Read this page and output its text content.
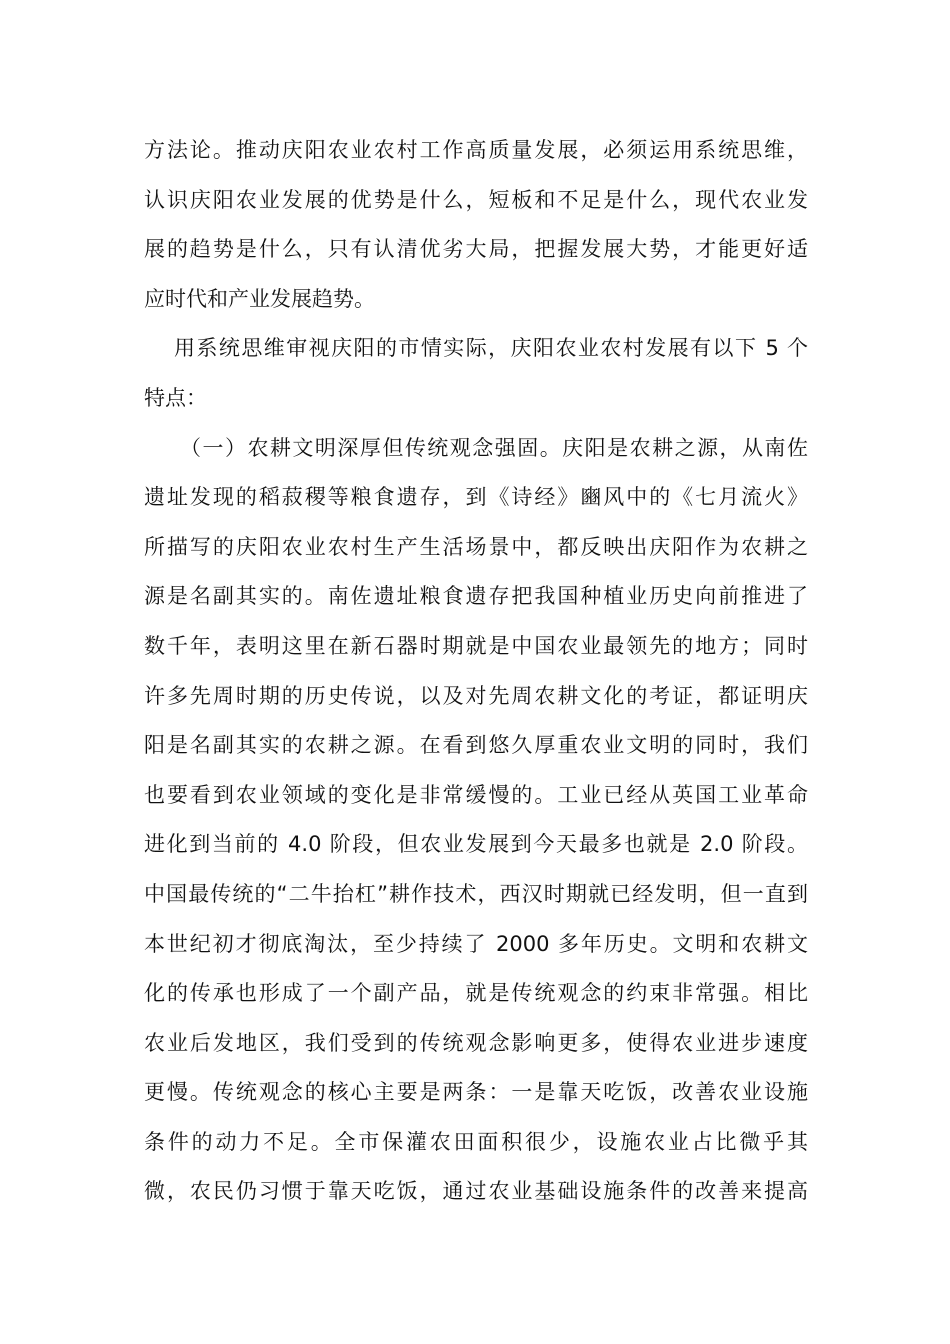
方法论。推动庆阳农业农村工作高质量发展，必须运用系统思维，
认识庆阳农业发展的优势是什么，短板和不足是什么，现代农业发
展的趋势是什么，只有认清优劣大局，把握发展大势，才能更好适
应时代和产业发展趋势。
用系统思维审视庆阳的市情实际，庆阳农业农村发展有以下 5 个
特点：
（一）农耕文明深厚但传统观念强固。庆阳是农耕之源，从南佐
遗址发现的稻菽稷等粮食遗存，到《诗经》豳风中的《七月流火》
所描写的庆阳农业农村生产生活场景中，都反映出庆阳作为农耕之
源是名副其实的。南佐遗址粮食遗存把我国种植业历史向前推进了
数千年，表明这里在新石器时期就是中国农业最领先的地方；同时
许多先周时期的历史传说，以及对先周农耕文化的考证，都证明庆
阳是名副其实的农耕之源。在看到悠久厚重农业文明的同时，我们
也要看到农业领域的变化是非常缓慢的。工业已经从英国工业革命
进化到当前的 4.0 阶段，但农业发展到今天最多也就是 2.0 阶段。
中国最传统的“二牛抬杠”耕作技术，西汉时期就已经发明，但一直到
本世纪初才彻底淘汰，至少持续了 2000 多年历史。文明和农耕文
化的传承也形成了一个副产品，就是传统观念的约束非常强。相比
农业后发地区，我们受到的传统观念影响更多，使得农业进步速度
更慢。传统观念的核心主要是两条：一是靠天吃饭，改善农业设施
条件的动力不足。全市保灌农田面积很少，设施农业占比微乎其
微，农民仍习惯于靠天吃饭，通过农业基础设施条件的改善来提高
